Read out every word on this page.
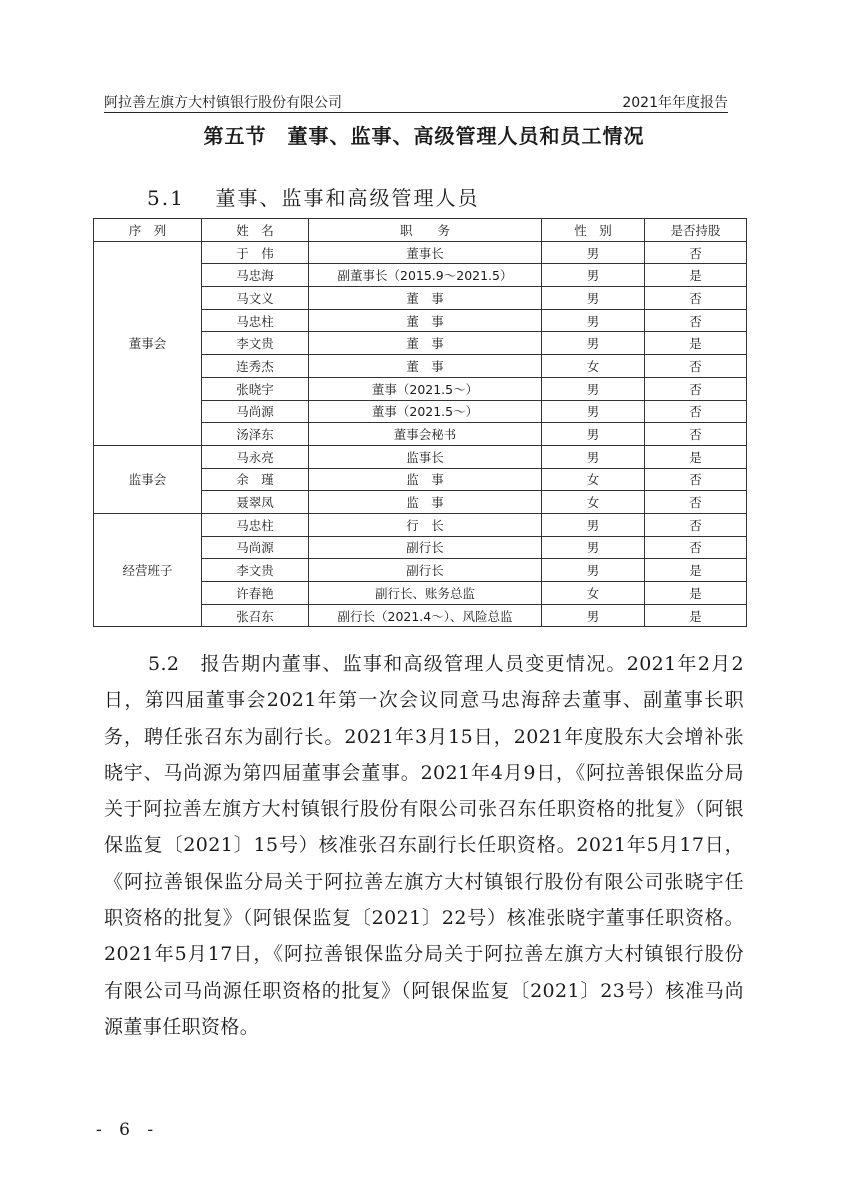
阿拉善左旗方大村镇银行股份有限公司	2021年年度报告
第五节　董事、监事、高级管理人员和员工情况
5.1 董事、监事和高级管理人员
序　列	姓　名	职　　务	性　别	是否持股
董事会	于　伟	董事长	男	否
	马忠海	副董事长（2015.9～2021.5）	男	是
	马文义	董　事	男	否
	马忠柱	董　事	男	否
	李文贵	董　事	男	是
	连秀杰	董　事	女	否
	张晓宇	董事（2021.5～）	男	否
	马尚源	董事（2021.5～）	男	否
	汤泽东	董事会秘书	男	否
监事会	马永亮	监事长	男	是
	余　瑾	监　事	女	否
	聂翠凤	监　事	女	否
经营班子	马忠柱	行　长	男	否
	马尚源	副行长	男	否
	李文贵	副行长	男	是
	许春艳	副行长、账务总监	女	是
	张召东	副行长（2021.4～）、风险总监	男	是
5.2　报告期内董事、监事和高级管理人员变更情况。2021年2月2日，第四届董事会2021年第一次会议同意马忠海辞去董事、副董事长职务，聘任张召东为副行长。2021年3月15日，2021年度股东大会增补张晓宇、马尚源为第四届董事会董事。2021年4月9日，《阿拉善银保监分局关于阿拉善左旗方大村镇银行股份有限公司张召东任职资格的批复》（阿银保监复〔2021〕15号）核准张召东副行长任职资格。2021年5月17日，《阿拉善银保监分局关于阿拉善左旗方大村镇银行股份有限公司张晓宇任职资格的批复》（阿银保监复〔2021〕22号）核准张晓宇董事任职资格。2021年5月17日，《阿拉善银保监分局关于阿拉善左旗方大村镇银行股份有限公司马尚源任职资格的批复》（阿银保监复〔2021〕23号）核准马尚源董事任职资格。
- 6 -
